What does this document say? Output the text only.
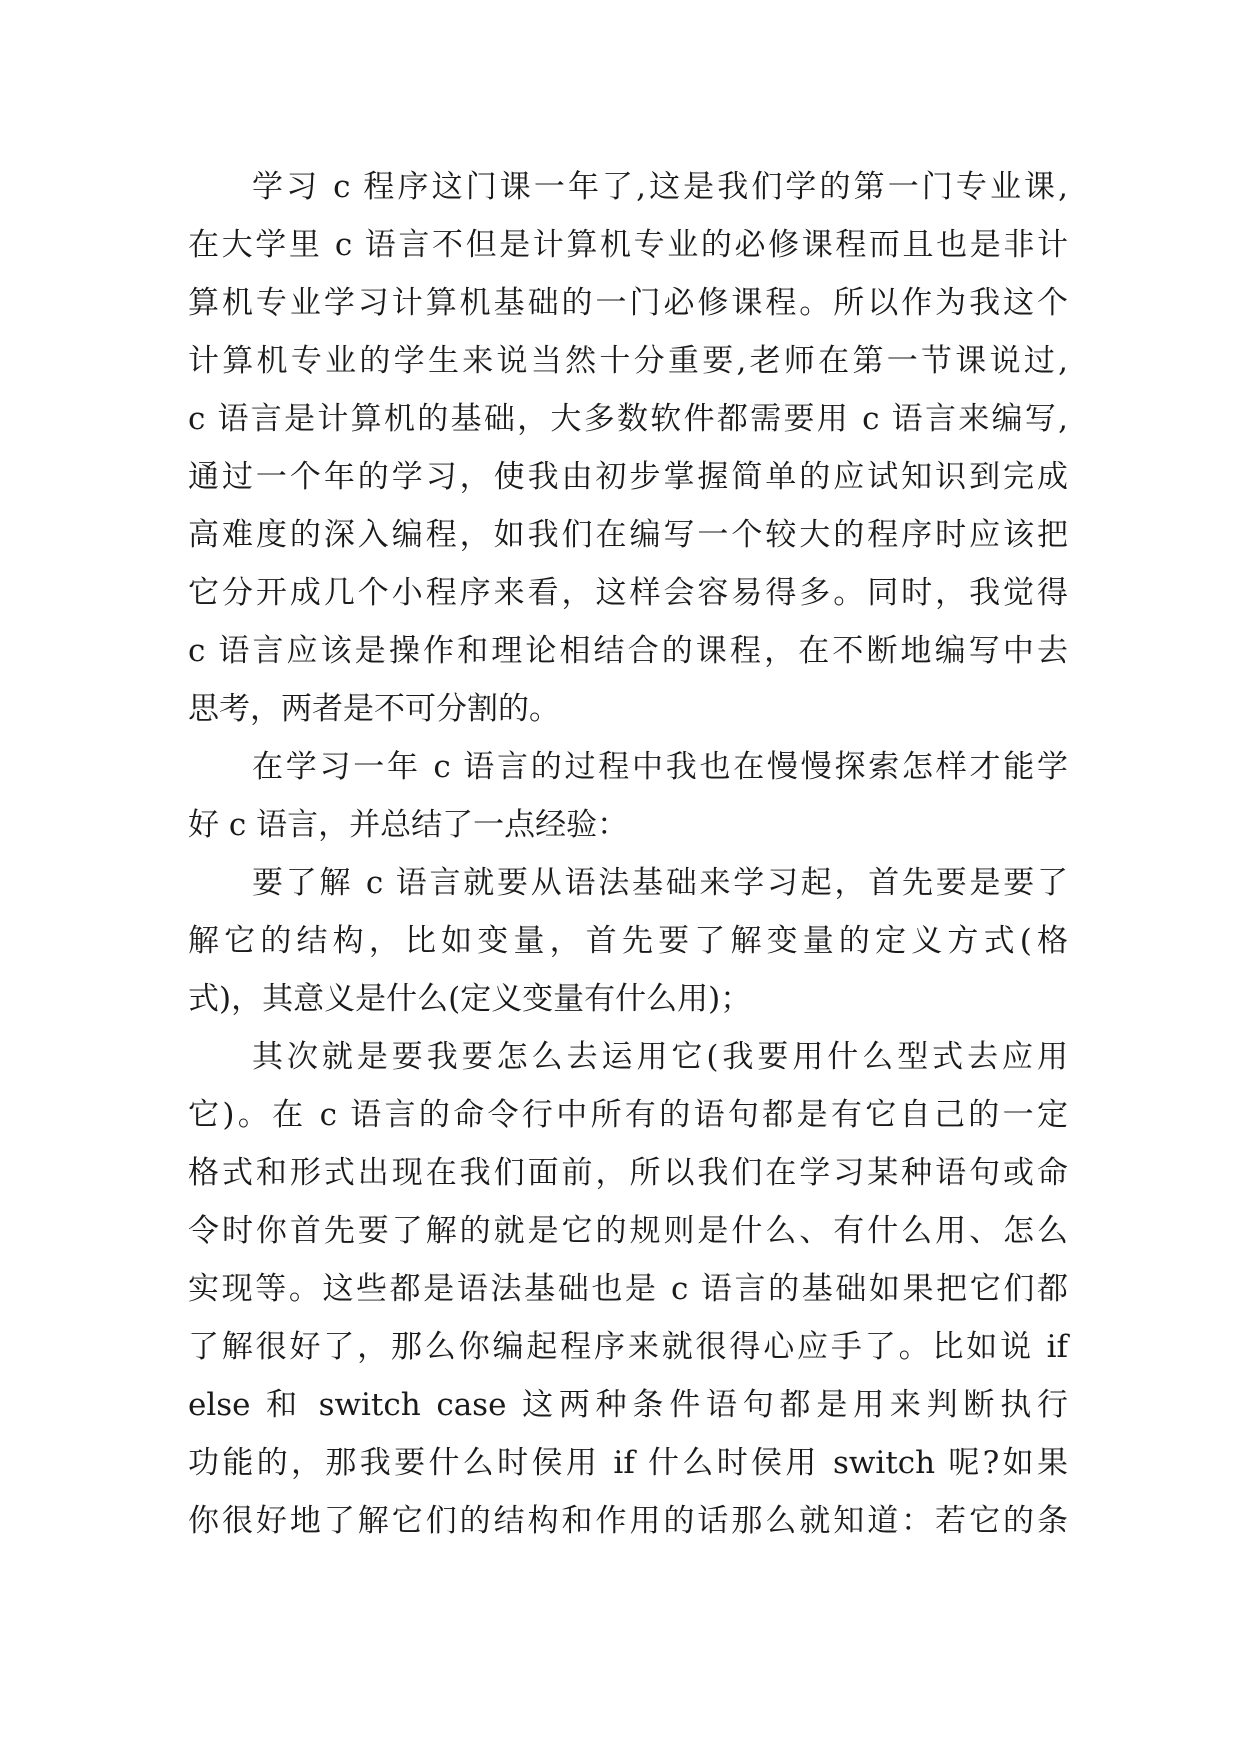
学习 c 程序这门课一年了,这是我们学的第一门专业课,
在大学里 c 语言不但是计算机专业的必修课程而且也是非计
算机专业学习计算机基础的一门必修课程。所以作为我这个
计算机专业的学生来说当然十分重要,老师在第一节课说过,
c 语言是计算机的基础，大多数软件都需要用 c 语言来编写,
通过一个年的学习，使我由初步掌握简单的应试知识到完成
高难度的深入编程，如我们在编写一个较大的程序时应该把
它分开成几个小程序来看，这样会容易得多。同时，我觉得
c 语言应该是操作和理论相结合的课程，在不断地编写中去
思考，两者是不可分割的。
在学习一年 c 语言的过程中我也在慢慢探索怎样才能学
好 c 语言，并总结了一点经验：
要了解 c 语言就要从语法基础来学习起，首先要是要了
解它的结构，比如变量，首先要了解变量的定义方式(格
式)，其意义是什么(定义变量有什么用)；
其次就是要我要怎么去运用它(我要用什么型式去应用
它)。在 c 语言的命令行中所有的语句都是有它自己的一定
格式和形式出现在我们面前，所以我们在学习某种语句或命
令时你首先要了解的就是它的规则是什么、有什么用、怎么
实现等。这些都是语法基础也是 c 语言的基础如果把它们都
了解很好了，那么你编起程序来就很得心应手了。比如说 if
else 和 switch case 这两种条件语句都是用来判断执行
功能的，那我要什么时侯用 if 什么时侯用 switch 呢?如果
你很好地了解它们的结构和作用的话那么就知道：若它的条
